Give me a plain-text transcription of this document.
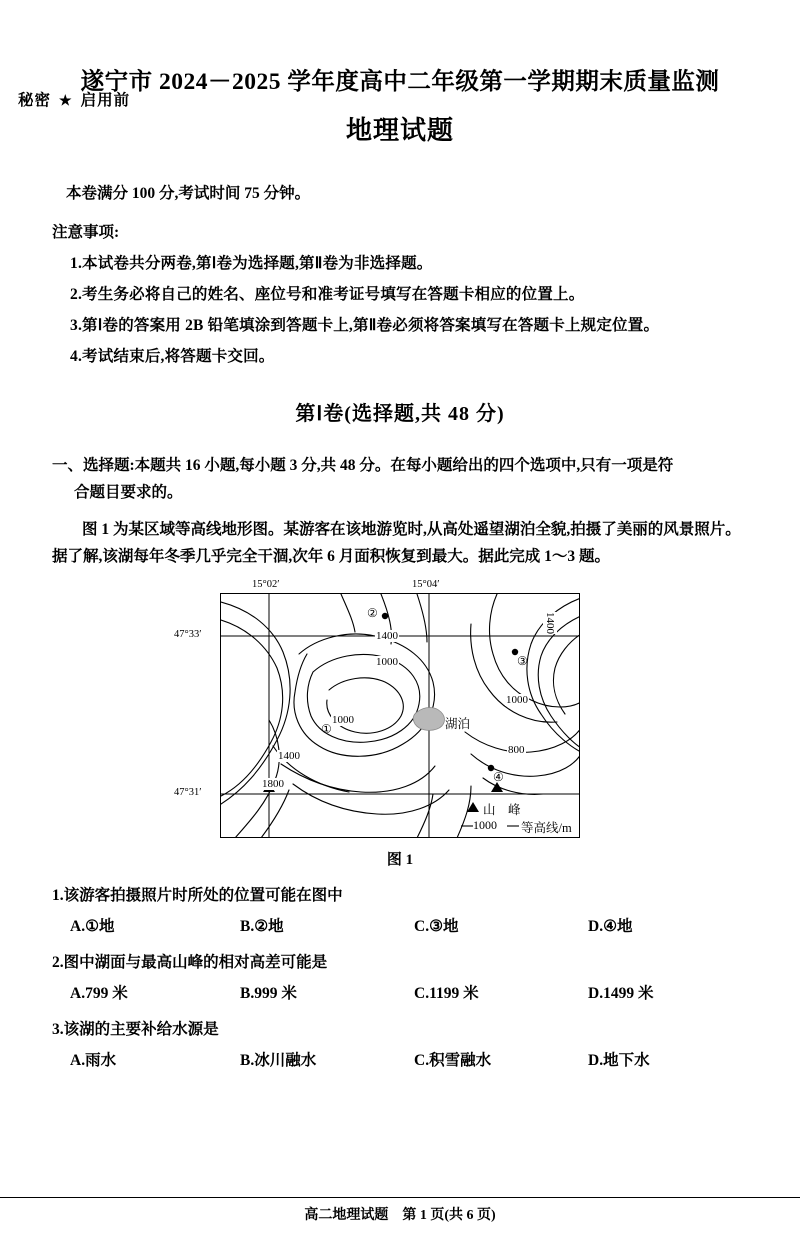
秘密 ★ 启用前
遂宁市 2024－2025 学年度高中二年级第一学期期末质量监测
地理试题
本卷满分 100 分,考试时间 75 分钟。
注意事项:
1.本试卷共分两卷,第Ⅰ卷为选择题,第Ⅱ卷为非选择题。
2.考生务必将自己的姓名、座位号和准考证号填写在答题卡相应的位置上。
3.第Ⅰ卷的答案用 2B 铅笔填涂到答题卡上,第Ⅱ卷必须将答案填写在答题卡上规定位置。
4.考试结束后,将答题卡交回。
第Ⅰ卷(选择题,共 48 分)
一、选择题:本题共 16 小题,每小题 3 分,共 48 分。在每小题给出的四个选项中,只有一项是符
合题目要求的。
图 1 为某区域等高线地形图。某游客在该地游览时,从高处遥望湖泊全貌,拍摄了美丽的风景照片。据了解,该湖每年冬季几乎完全干涸,次年 6 月面积恢复到最大。据此完成 1～3 题。
15°02′	15°04′
47°33′
47°31′
1400
1000
1000
1400
1400
1800
1000
800
湖泊
②
③
④
①
山　峰
1000 等高线/m
图 1
1.该游客拍摄照片时所处的位置可能在图中
A.①地	B.②地	C.③地	D.④地
2.图中湖面与最高山峰的相对高差可能是
A.799 米	B.999 米	C.1199 米	D.1499 米
3.该湖的主要补给水源是
A.雨水	B.冰川融水	C.积雪融水	D.地下水
高二地理试题 第 1 页(共 6 页)
